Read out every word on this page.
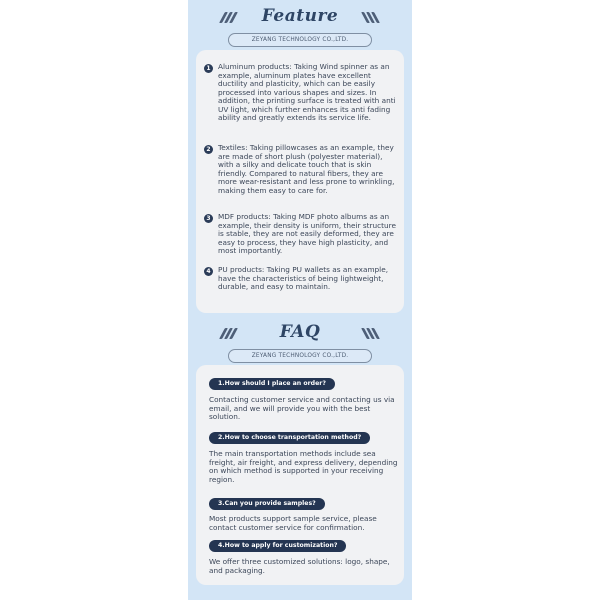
Feature
ZEYANG TECHNOLOGY CO.,LTD.
1	Aluminum products: Taking Wind spinner as an example, aluminum plates have excellent ductility and plasticity, which can be easily processed into various shapes and sizes. In addition, the printing surface is treated with anti UV light, which further enhances its anti fading ability and greatly extends its service life.
2	Textiles: Taking pillowcases as an example, they are made of short plush (polyester material), with a silky and delicate touch that is skin friendly. Compared to natural fibers, they are more wear-resistant and less prone to wrinkling, making them easy to care for.
3	MDF products: Taking MDF photo albums as an example, their density is uniform, their structure is stable, they are not easily deformed, they are easy to process, they have high plasticity, and most importantly.
4	PU products: Taking PU wallets as an example, have the characteristics of being lightweight, durable, and easy to maintain.
FAQ
ZEYANG TECHNOLOGY CO.,LTD.
1.How should I place an order?
Contacting customer service and contacting us via email, and we will provide you with the best solution.
2.How to choose transportation method?
The main transportation methods include sea freight, air freight, and express delivery, depending on which method is supported in your receiving region.
3.Can you provide samples?
Most products support sample service, please contact customer service for confirmation.
4.How to apply for customization?
We offer three customized solutions: logo, shape, and packaging.
